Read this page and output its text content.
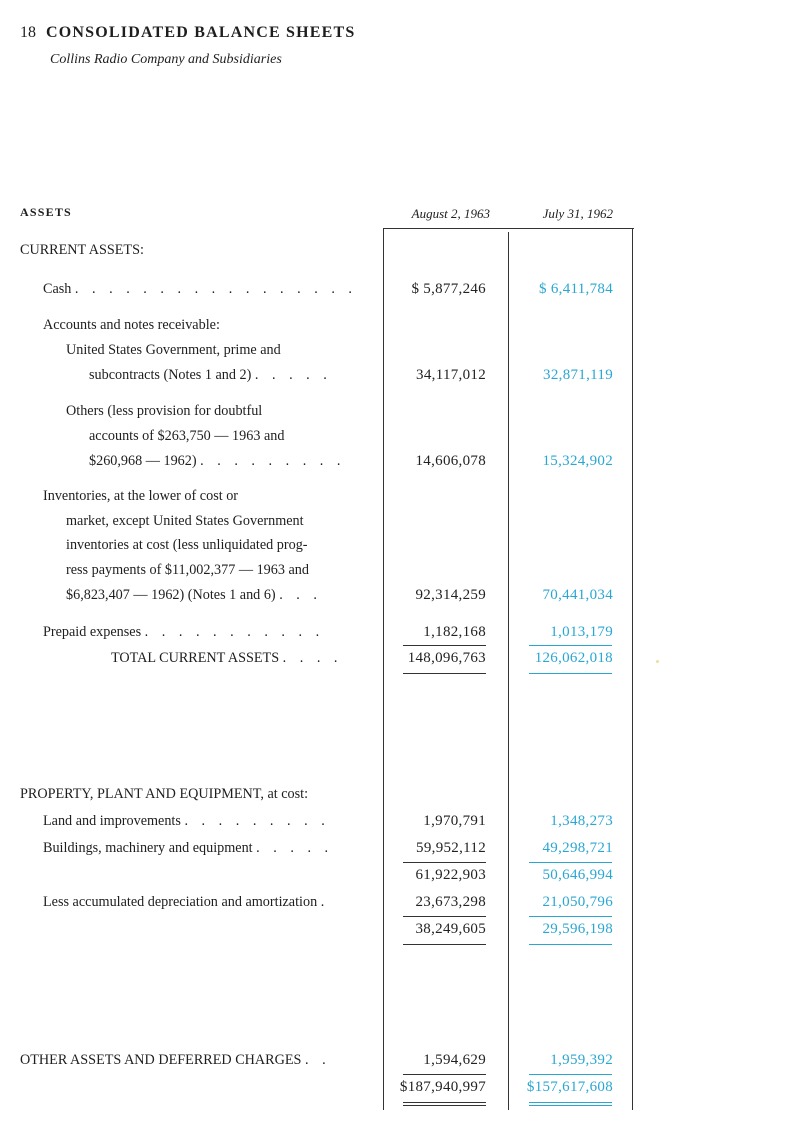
18 CONSOLIDATED BALANCE SHEETS
Collins Radio Company and Subsidiaries
ASSETS	August 2, 1963	July 31, 1962
CURRENT ASSETS:
Cash . . . . . . . . . . . . . . . . .	$ 5,877,246	$ 6,411,784
Accounts and notes receivable:
United States Government, prime and
subcontracts (Notes 1 and 2) . . . . .	34,117,012	32,871,119
Others (less provision for doubtful
accounts of $263,750 — 1963 and
$260,968 — 1962) . . . . . . . . .	14,606,078	15,324,902
Inventories, at the lower of cost or
market, except United States Government
inventories at cost (less unliquidated prog-
ress payments of $11,002,377 — 1963 and
$6,823,407 — 1962) (Notes 1 and 6) . . .	92,314,259	70,441,034
Prepaid expenses . . . . . . . . . . .	1,182,168	1,013,179
TOTAL CURRENT ASSETS . . . .	148,096,763	126,062,018
PROPERTY, PLANT AND EQUIPMENT, at cost:
Land and improvements . . . . . . . . .	1,970,791	1,348,273
Buildings, machinery and equipment . . . . .	59,952,112	49,298,721
61,922,903	50,646,994
Less accumulated depreciation and amortization .	23,673,298	21,050,796
38,249,605	29,596,198
OTHER ASSETS AND DEFERRED CHARGES . .	1,594,629	1,959,392
$187,940,997	$157,617,608
